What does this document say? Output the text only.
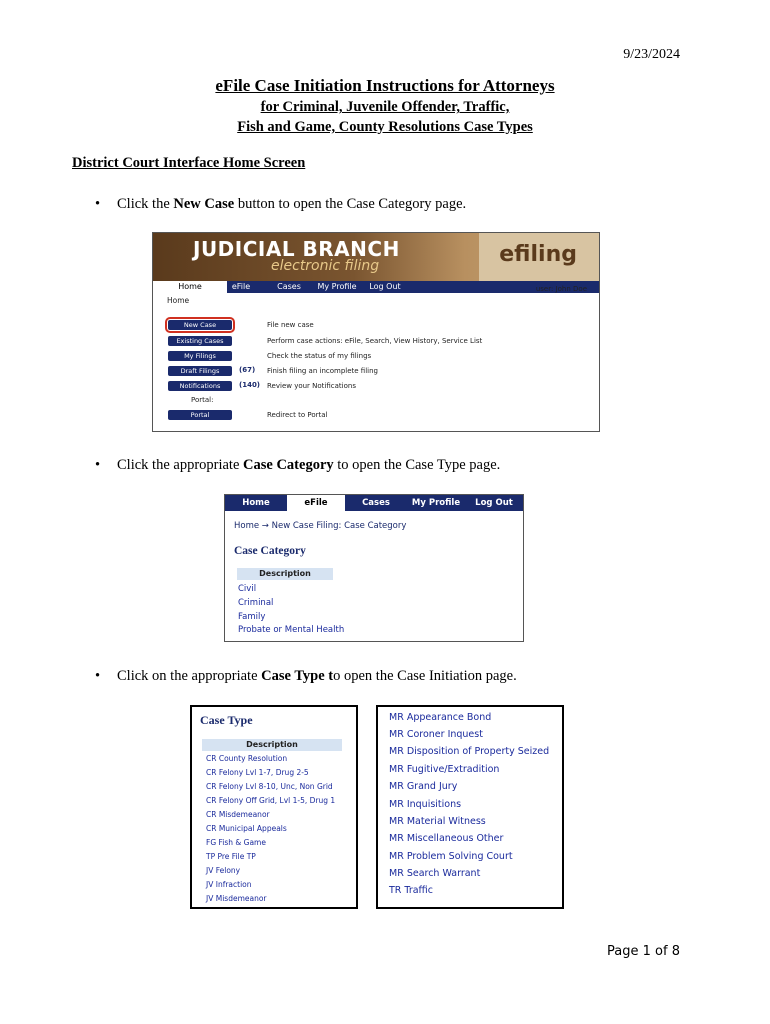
9/23/2024
eFile Case Initiation Instructions for Attorneys
for Criminal, Juvenile Offender, Traffic,
Fish and Game, County Resolutions Case Types
District Court Interface Home Screen
• Click the New Case button to open the Case Category page.
JUDICIAL BRANCH
electronic filing	efiling
Home	eFile	Cases	My Profile	Log Out	user: John Doe
Home
New Case	File new case
Existing Cases	Perform case actions: eFile, Search, View History, Service List
My Filings	Check the status of my filings
Draft Filings	(67) Finish filing an incomplete filing
Notifications	(140) Review your Notifications
Portal:
Portal	Redirect to Portal
• Click the appropriate Case Category to open the Case Type page.
Home	eFile	Cases	My Profile	Log Out
Home → New Case Filing: Case Category
Case Category
Description
Civil
Criminal
Family
Probate or Mental Health
• Click on the appropriate Case Type to open the Case Initiation page.
Case Type
Description
CR County Resolution
CR Felony Lvl 1-7, Drug 2-5
CR Felony Lvl 8-10, Unc, Non Grid
CR Felony Off Grid, Lvl 1-5, Drug 1
CR Misdemeanor
CR Municipal Appeals
FG Fish & Game
TP Pre File TP
JV Felony
JV Infraction
JV Misdemeanor
MR Appearance Bond
MR Coroner Inquest
MR Disposition of Property Seized
MR Fugitive/Extradition
MR Grand Jury
MR Inquisitions
MR Material Witness
MR Miscellaneous Other
MR Problem Solving Court
MR Search Warrant
TR Traffic
Page 1 of 8
